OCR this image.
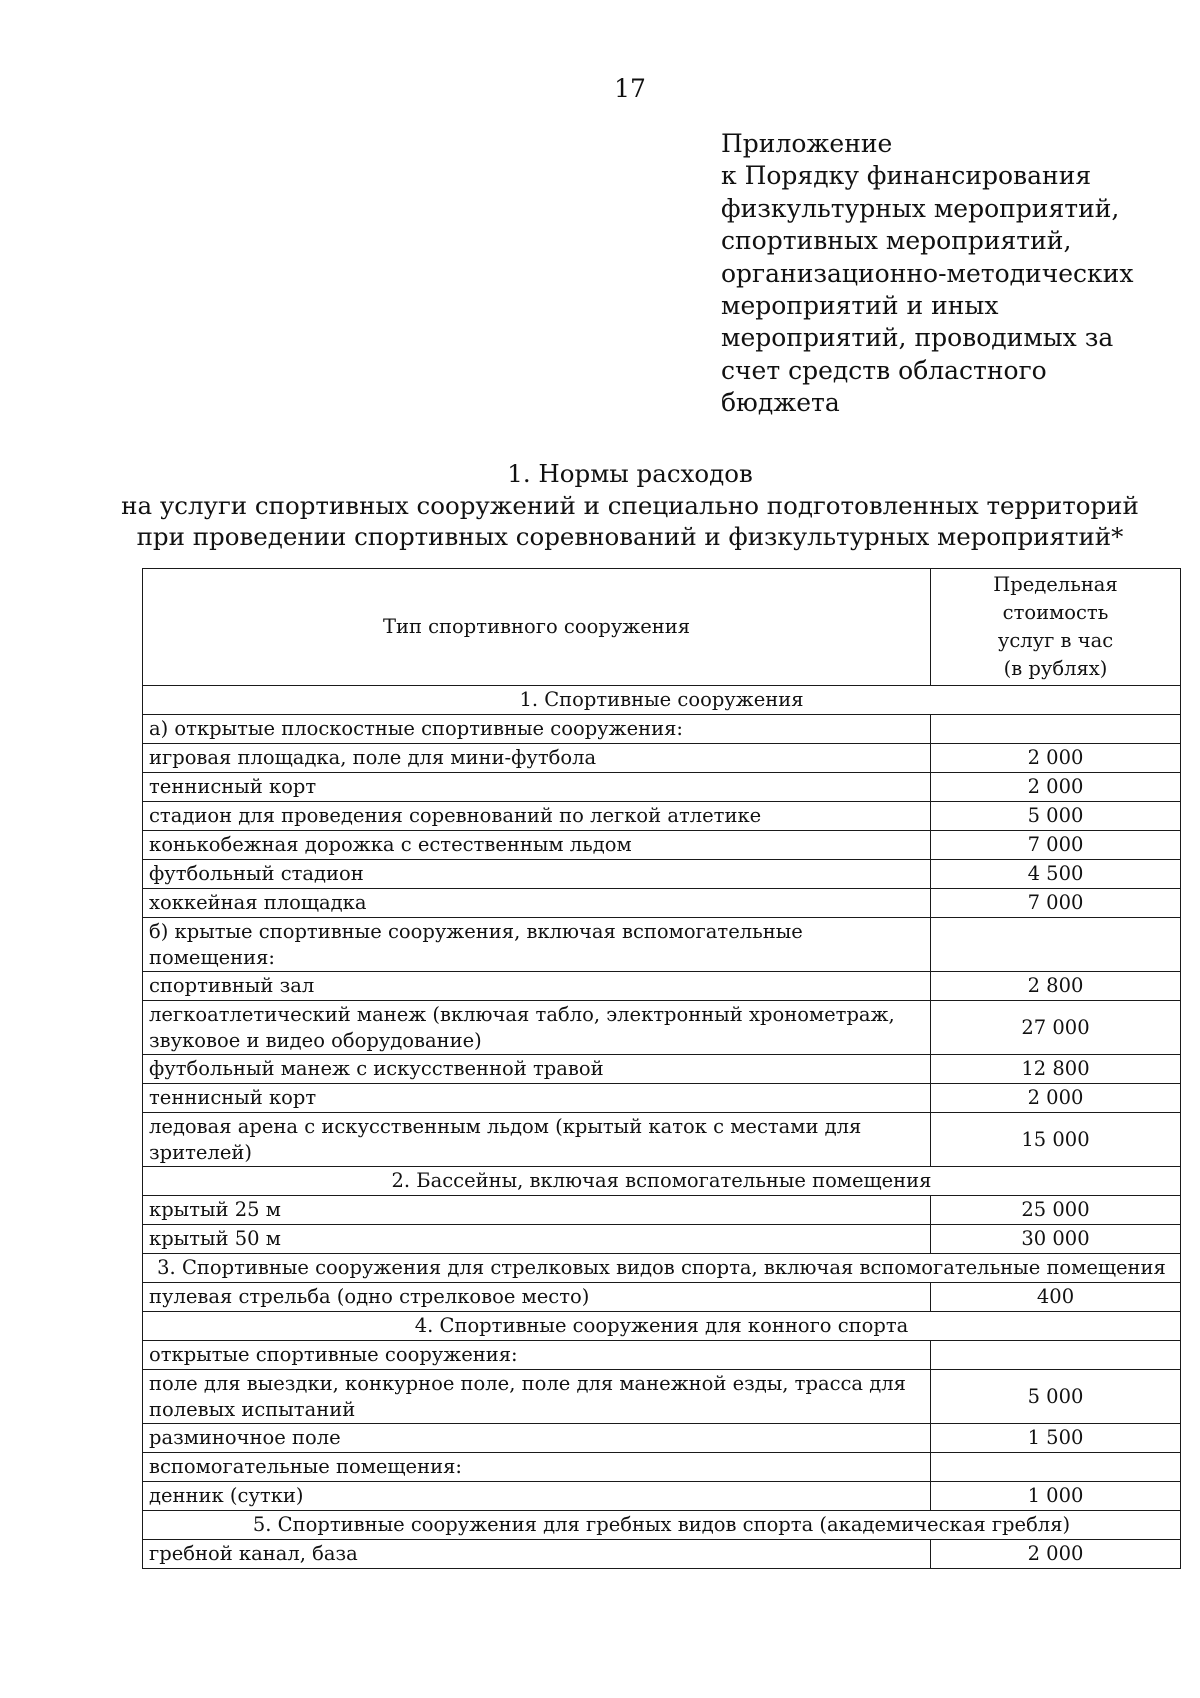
17
Приложение
к Порядку финансирования
физкультурных мероприятий,
спортивных мероприятий,
организационно-методических
мероприятий и иных
мероприятий, проводимых за
счет средств областного
бюджета
1. Нормы расходов
на услуги спортивных сооружений и специально подготовленных территорий
при проведении спортивных соревнований и физкультурных мероприятий*
Тип спортивного сооружения	Предельная
стоимость
услуг в час
(в рублях)

1. Спортивные сооружения	
а) открытые плоскостные спортивные сооружения:	
игровая площадка, поле для мини-футбола	2 000
теннисный корт	2 000
стадион для проведения соревнований по легкой атлетике	5 000
конькобежная дорожка с естественным льдом	7 000
футбольный стадион	4 500
хоккейная площадка	7 000
б) крытые спортивные сооружения, включая вспомогательные помещения:	
спортивный зал	2 800
легкоатлетический манеж (включая табло, электронный хронометраж, звуковое и видео оборудование)	27 000
футбольный манеж с искусственной травой	12 800
теннисный корт	2 000
ледовая арена с искусственным льдом (крытый каток с местами для зрителей)	15 000
2. Бассейны, включая вспомогательные помещения	
крытый 25 м	25 000
крытый 50 м	30 000
3. Спортивные сооружения для стрелковых видов спорта, включая вспомогательные помещения	
пулевая стрельба (одно стрелковое место)	400
4. Спортивные сооружения для конного спорта	
открытые спортивные сооружения:	
поле для выездки, конкурное поле, поле для манежной езды, трасса для полевых испытаний	5 000
разминочное поле	1 500
вспомогательные помещения:	
денник (сутки)	1 000
5. Спортивные сооружения для гребных видов спорта (академическая гребля)	
гребной канал, база	2 000
